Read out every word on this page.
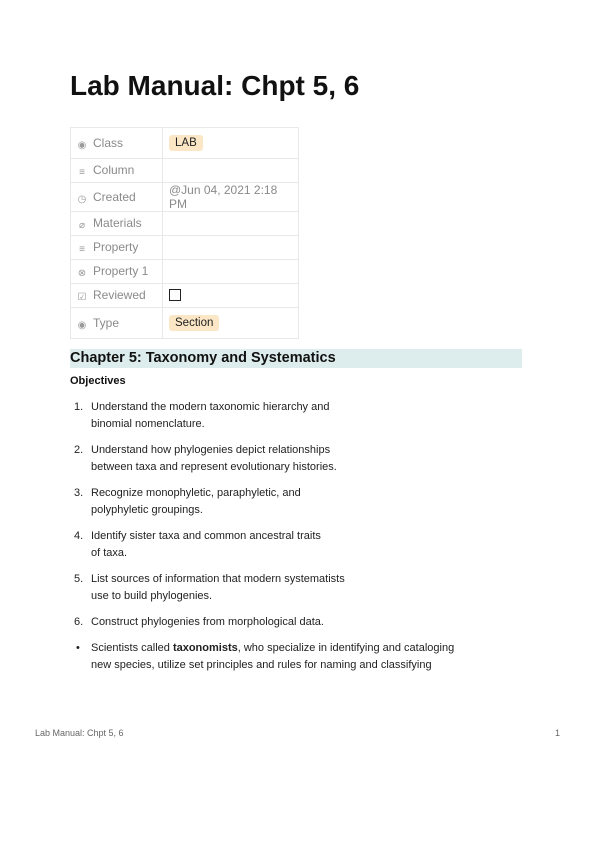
Lab Manual: Chpt 5, 6
◉ Class	LAB
≡ Column	
◷ Created	@Jun 04, 2021 2:18 PM
⌀ Materials	
≡ Property	
⊗ Property 1	
☑ Reviewed	
◉ Type	Section
Chapter 5: Taxonomy and Systematics
Objectives
1. Understand the modern taxonomic hierarchy and
binomial nomenclature.
2. Understand how phylogenies depict relationships
between taxa and represent evolutionary histories.
3. Recognize monophyletic, paraphyletic, and
polyphyletic groupings.
4. Identify sister taxa and common ancestral traits
of taxa.
5. List sources of information that modern systematists
use to build phylogenies.
6. Construct phylogenies from morphological data.
• Scientists called taxonomists, who specialize in identifying and cataloging
new species, utilize set principles and rules for naming and classifying
Lab Manual: Chpt 5, 6	1
